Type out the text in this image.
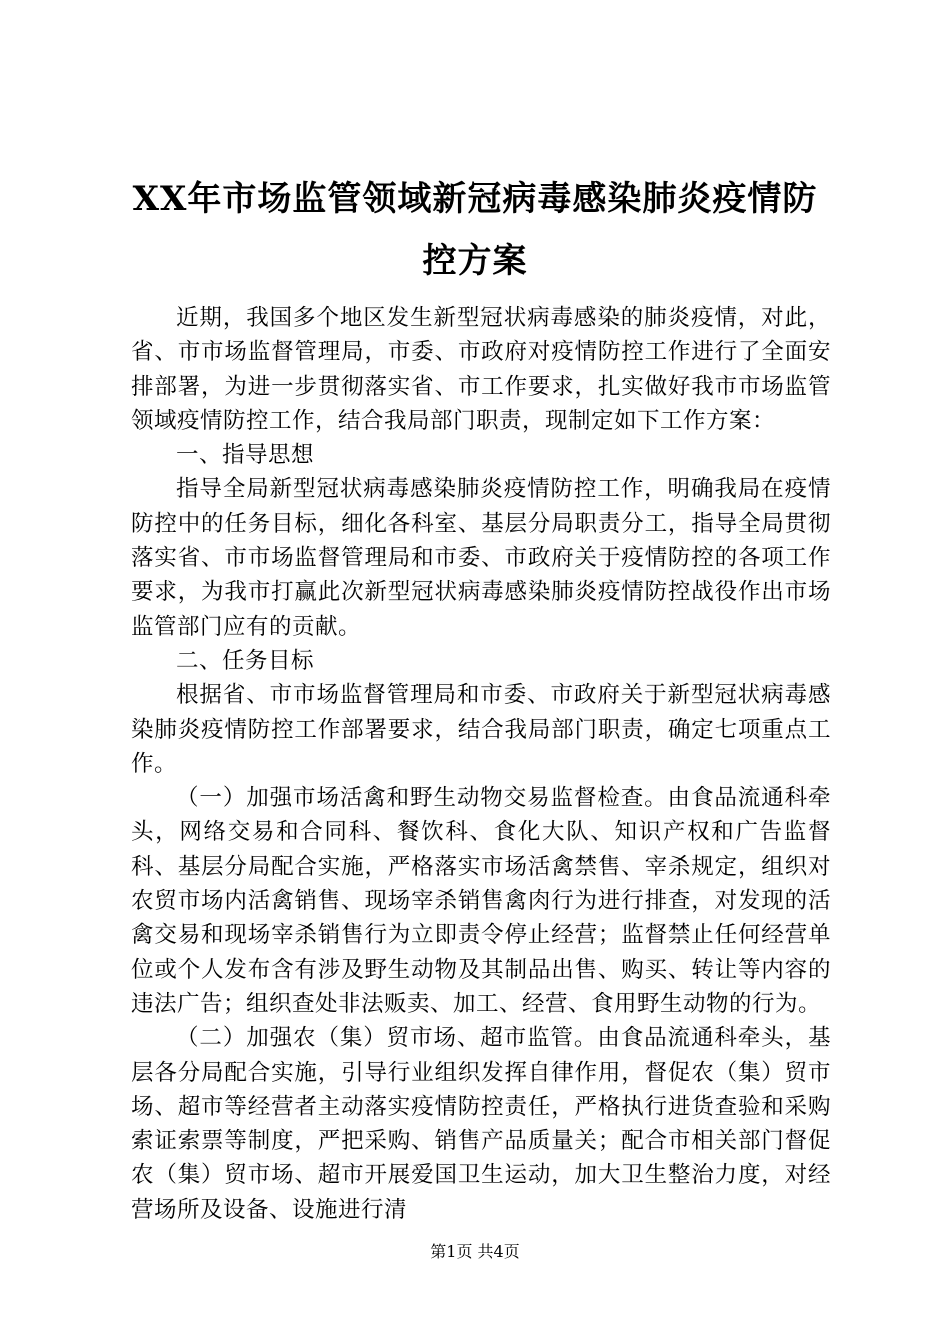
XX年市场监管领域新冠病毒感染肺炎疫情防
控方案

近期，我国多个地区发生新型冠状病毒感染的肺炎疫情，对此，省、市市场监督管理局，市委、市政府对疫情防控工作进行了全面安排部署，为进一步贯彻落实省、市工作要求，扎实做好我市市场监管领域疫情防控工作，结合我局部门职责，现制定如下工作方案：

一、指导思想

指导全局新型冠状病毒感染肺炎疫情防控工作，明确我局在疫情防控中的任务目标，细化各科室、基层分局职责分工，指导全局贯彻落实省、市市场监督管理局和市委、市政府关于疫情防控的各项工作要求，为我市打赢此次新型冠状病毒感染肺炎疫情防控战役作出市场监管部门应有的贡献。

二、任务目标

根据省、市市场监督管理局和市委、市政府关于新型冠状病毒感染肺炎疫情防控工作部署要求，结合我局部门职责，确定七项重点工作。

（一）加强市场活禽和野生动物交易监督检查。由食品流通科牵头，网络交易和合同科、餐饮科、食化大队、知识产权和广告监督科、基层分局配合实施，严格落实市场活禽禁售、宰杀规定，组织对农贸市场内活禽销售、现场宰杀销售禽肉行为进行排查，对发现的活禽交易和现场宰杀销售行为立即责令停止经营；监督禁止任何经营单位或个人发布含有涉及野生动物及其制品出售、购买、转让等内容的违法广告；组织查处非法贩卖、加工、经营、食用野生动物的行为。

（二）加强农（集）贸市场、超市监管。由食品流通科牵头，基层各分局配合实施，引导行业组织发挥自律作用，督促农（集）贸市场、超市等经营者主动落实疫情防控责任，严格执行进货查验和采购索证索票等制度，严把采购、销售产品质量关；配合市相关部门督促农（集）贸市场、超市开展爱国卫生运动，加大卫生整治力度，对经营场所及设备、设施进行清

第1页 共4页
